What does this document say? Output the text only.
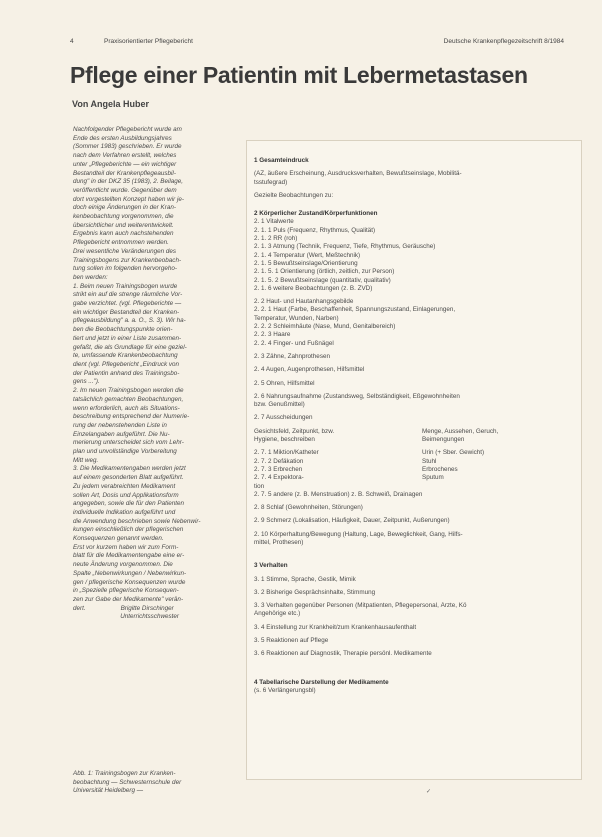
4	Praxisorientierter Pflegebericht	Deutsche Krankenpflegezeitschrift 8/1984
Pflege einer Patientin mit Lebermetastasen
Von Angela Huber

Nachfolgender Pflegebericht wurde am

Ende des ersten Ausbildungsjahres

(Sommer 1983) geschrieben. Er wurde

nach dem Verfahren erstellt, welches

unter „Pflegeberichte — ein wichtiger

Bestandteil der Krankenpflegeausbil-

dung" in der DKZ 35 (1983), 2. Beilage,

veröffentlicht wurde. Gegenüber dem

dort vorgestellten Konzept haben wir je-

doch einige Änderungen in der Kran-

kenbeobachtung vorgenommen, die

übersichtlicher und weiterentwickelt.

Ergebnis kann auch nachstehenden

Pflegebericht entnommen werden.

Drei wesentliche Veränderungen des

Trainingsbogens zur Krankenbeobach-

tung sollen im folgenden hervorgeho-

ben werden:

1. Beim neuen Trainingsbogen wurde

strikt ein auf die strenge räumliche Vor-

gabe verzichtet. (vgl. Pflegeberichte —

ein wichtiger Bestandteil der Kranken-

pflegeausbildung" a. a. O., S. 3). Wir ha-

ben die Beobachtungspunkte orien-

tiert und jetzt in einer Liste zusammen-

gefaßt, die als Grundlage für eine geziel-

te, umfassende Krankenbeobachtung

dient (vgl. Pflegebericht „Eindruck von

der Patientin anhand des Trainingsbo-

gens ...").

2. Im neuen Trainingsbogen werden die

tatsächlich gemachten Beobachtungen,

wenn erforderlich, auch als Situations-

beschreibung entsprechend der Numerie-

rung der nebenstehenden Liste in

Einzelangaben aufgeführt. Die Nu-

merierung unterscheidet sich vom Lehr-

plan und unvollständige Vorbereitung

Mitt weg.

3. Die Medikamentengaben werden jetzt

auf einem gesonderten Blatt aufgeführt.

Zu jedem verabreichten Medikament

sollen Art, Dosis und Applikationsform

angegeben, sowie die für den Patienten

individuelle Indikation aufgeführt und

die Anwendung beschrieben sowie Nebenwir-

kungen einschließlich der pflegerischen

Konsequenzen genannt werden.

Erst vor kurzem haben wir zum Form-

blatt für die Medikamentengabe eine er-

neute Änderung vorgenommen. Die

Spalte „Nebenwirkungen / Nebenwirkun-

gen / pflegerische Konsequenzen wurde

in „Spezielle pflegerische Konsequen-

zen zur Gabe der Medikamente" verän-

dert.                    Brigitte Dirschinger

Unterrichtsschwester

Abb. 1: Trainingsbogen zur Kranken-
beobachtung — Schwesternschule der
Universität Heidelberg —
1 Gesamteindruck
(AZ, äußere Erscheinung, Ausdrucksverhalten, Bewußtseinslage, Mobilitä-
tsstufegrad)
Gezielte Beobachtungen zu:
2 Körperlicher Zustand/Körperfunktionen
2. 1 Vitalwerte
2. 1. 1 Puls (Frequenz, Rhythmus, Qualität)
2. 1. 2 RR (roh)
2. 1. 3 Atmung (Technik, Frequenz, Tiefe, Rhythmus, Geräusche)
2. 1. 4 Temperatur (Wert, Meßtechnik)
2. 1. 5 Bewußtseinslage/Orientierung
2. 1. 5. 1 Orientierung (örtlich, zeitlich, zur Person)
2. 1. 5. 2 Bewußtseinslage (quantitativ, qualitativ)
2. 1. 6 weitere Beobachtungen (z. B. ZVD)
2. 2 Haut- und Hautanhangsgebilde
2. 2. 1 Haut (Farbe, Beschaffenheit, Spannungszustand, Einlagerungen,
Temperatur, Wunden, Narben)
2. 2. 2 Schleimhäute (Nase, Mund, Genitalbereich)
2. 2. 3 Haare
2. 2. 4 Finger- und Fußnägel
2. 3 Zähne, Zahnprothesen
2. 4 Augen, Augenprothesen, Hilfsmittel
2. 5 Ohren, Hilfsmittel
2. 6 Nahrungsaufnahme (Zustandsweg, Selbständigkeit, Eßgewohnheiten
bzw. Genußmittel)
2. 7 Ausscheidungen
Gesichtsfeld, Zeitpunkt, bzw.	Menge, Aussehen, Geruch,
Hygiene, beschreiben	Beimengungen
2. 7. 1 Miktion/Katheter	Urin (+ Sber. Gewicht)
2. 7. 2 Defäkation	Stuhl
2. 7. 3 Erbrechen	Erbrochenes
2. 7. 4 Expektora-	Sputum
tion
2. 7. 5 andere (z. B. Menstruation) z. B. Schweiß, Drainagen
2. 8 Schlaf (Gewohnheiten, Störungen)
2. 9 Schmerz (Lokalisation, Häufigkeit, Dauer, Zeitpunkt, Äußerungen)
2. 10 Körperhaltung/Bewegung (Haltung, Lage, Beweglichkeit, Gang, Hilfs-
mittel, Prothesen)
3 Verhalten
3. 1 Stimme, Sprache, Gestik, Mimik
3. 2 Bisherige Gesprächsinhalte, Stimmung
3. 3 Verhalten gegenüber Personen (Mitpatienten, Pflegepersonal, Ärzte, Kö
Angehörige etc.)
3. 4 Einstellung zur Krankheit/zum Krankenhausaufenthalt
3. 5 Reaktionen auf Pflege
3. 6 Reaktionen auf Diagnostik, Therapie persönl. Medikamente
4 Tabellarische Darstellung der Medikamente
(s. 6 Verlängerungsbl)
✓
